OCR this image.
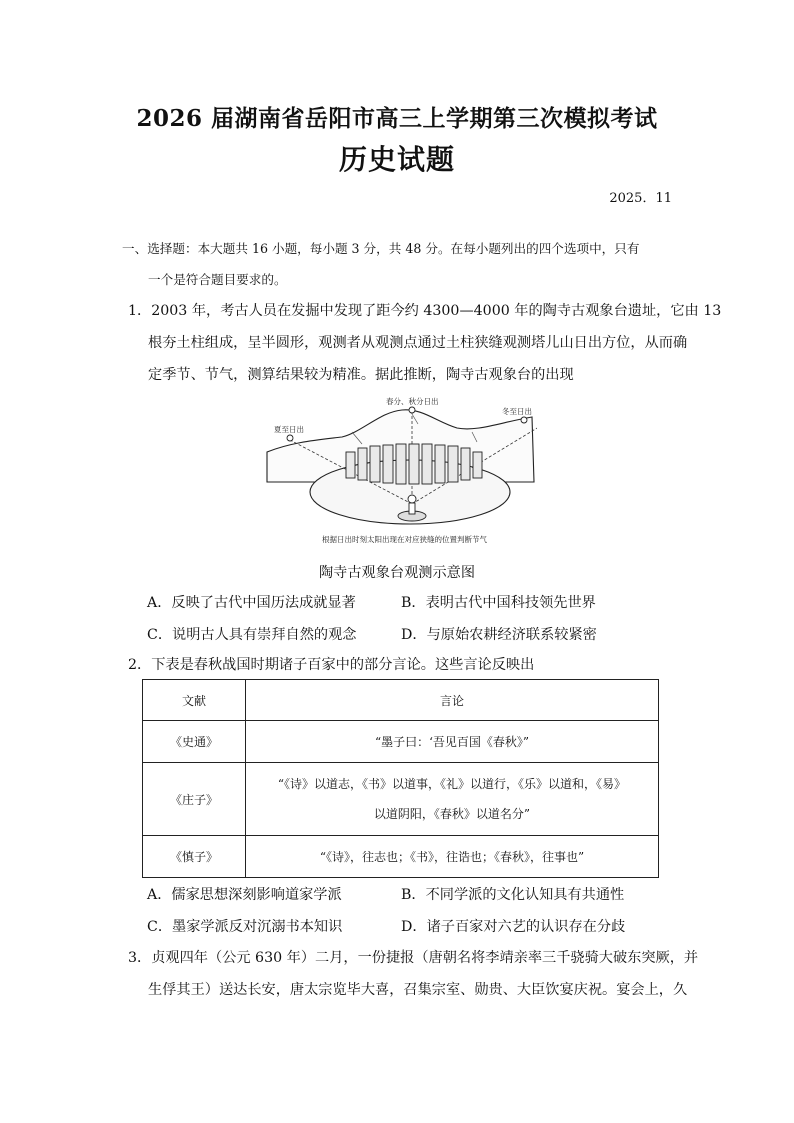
2026 届湖南省岳阳市高三上学期第三次模拟考试
历史试题
2025．11
一、选择题：本大题共 16 小题，每小题 3 分，共 48 分。在每小题列出的四个选项中，只有
一个是符合题目要求的。
1．2003 年，考古人员在发掘中发现了距今约 4300—4000 年的陶寺古观象台遗址，它由 13
根夯土柱组成，呈半圆形，观测者从观测点通过土柱狭缝观测塔儿山日出方位，从而确
定季节、节气，测算结果较为精准。据此推断，陶寺古观象台的出现
夏至日出
春分、秋分日出
冬至日出
根据日出时刻太阳出现在对应狭缝的位置判断节气
陶寺古观象台观测示意图
A．反映了古代中国历法成就显著	B．表明古代中国科技领先世界
C．说明古人具有崇拜自然的观念	D．与原始农耕经济联系较紧密
2．下表是春秋战国时期诸子百家中的部分言论。这些言论反映出
文献	言论
《史通》	“墨子曰：‘吾见百国《春秋》”
《庄子》	“《诗》以道志，《书》以道事，《礼》以道行，《乐》以道和，《易》
以道阴阳，《春秋》以道名分”

《慎子》	“《诗》，往志也；《书》，往诰也；《春秋》，往事也”
A．儒家思想深刻影响道家学派	B．不同学派的文化认知具有共通性
C．墨家学派反对沉溺书本知识	D．诸子百家对六艺的认识存在分歧
3．贞观四年（公元 630 年）二月，一份捷报（唐朝名将李靖亲率三千骁骑大破东突厥，并
生俘其王）送达长安，唐太宗览毕大喜，召集宗室、勋贵、大臣饮宴庆祝。宴会上，久
